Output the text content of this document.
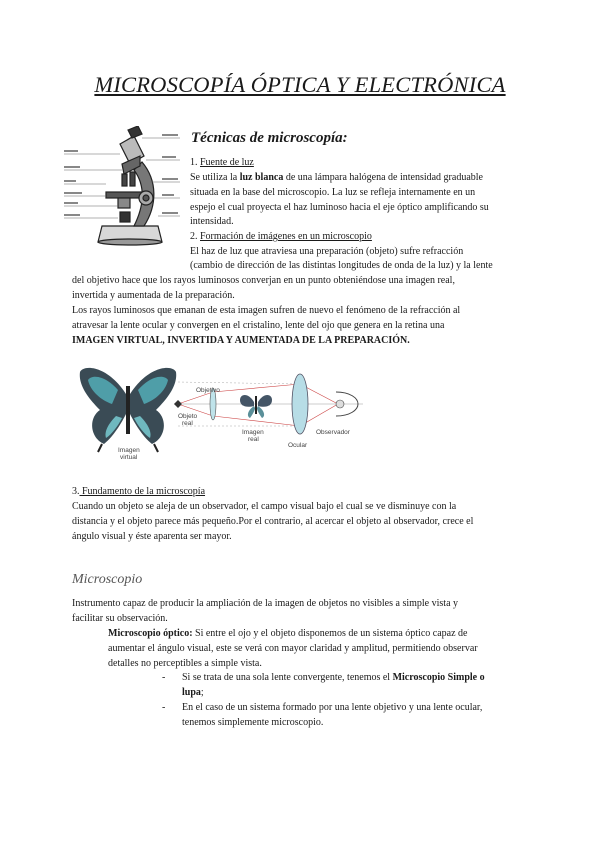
MICROSCOPÍA ÓPTICA Y ELECTRÓNICA
Técnicas de microscopía:
1. Fuente de luz
Se utiliza la luz blanca de una lámpara halógena de intensidad graduable
situada en la base del microscopio. La luz se refleja internamente en un
espejo el cual proyecta el haz luminoso hacia el eje óptico amplificando su
intensidad.
2. Formación de imágenes en un microscopio
El haz de luz que atraviesa una preparación (objeto) sufre refracción
(cambio de dirección de las distintas longitudes de onda de la luz) y la lente
del objetivo hace que los rayos luminosos converjan en un punto obteniéndose una imagen real,
invertida y aumentada de la preparación.
Los rayos luminosos que emanan de esta imagen sufren de nuevo el fenómeno de la refracción al
atravesar la lente ocular y convergen en el cristalino, lente del ojo que genera en la retina una
IMAGEN VIRTUAL, INVERTIDA Y AUMENTADA DE LA PREPARACIÓN.
Objetivo
Objeto
real
Imagen
real
Imagen
virtual
Ocular
Observador
3. Fundamento de la microscopía
Cuando un objeto se aleja de un observador, el campo visual bajo el cual se ve disminuye con la
distancia y el objeto parece más pequeño.Por el contrario, al acercar el objeto al observador, crece el
ángulo visual y éste aparenta ser mayor.
Microscopio
Instrumento capaz de producir la ampliación de la imagen de objetos no visibles a simple vista y
facilitar su observación.
Microscopio óptico: Si entre el ojo y el objeto disponemos de un sistema óptico capaz de
aumentar el ángulo visual, este se verá con mayor claridad y amplitud, permitiendo observar
detalles no perceptibles a simple vista.
- Si se trata de una sola lente convergente, tenemos el Microscopio Simple o
lupa;
- En el caso de un sistema formado por una lente objetivo y una lente ocular,
tenemos simplemente microscopio.
